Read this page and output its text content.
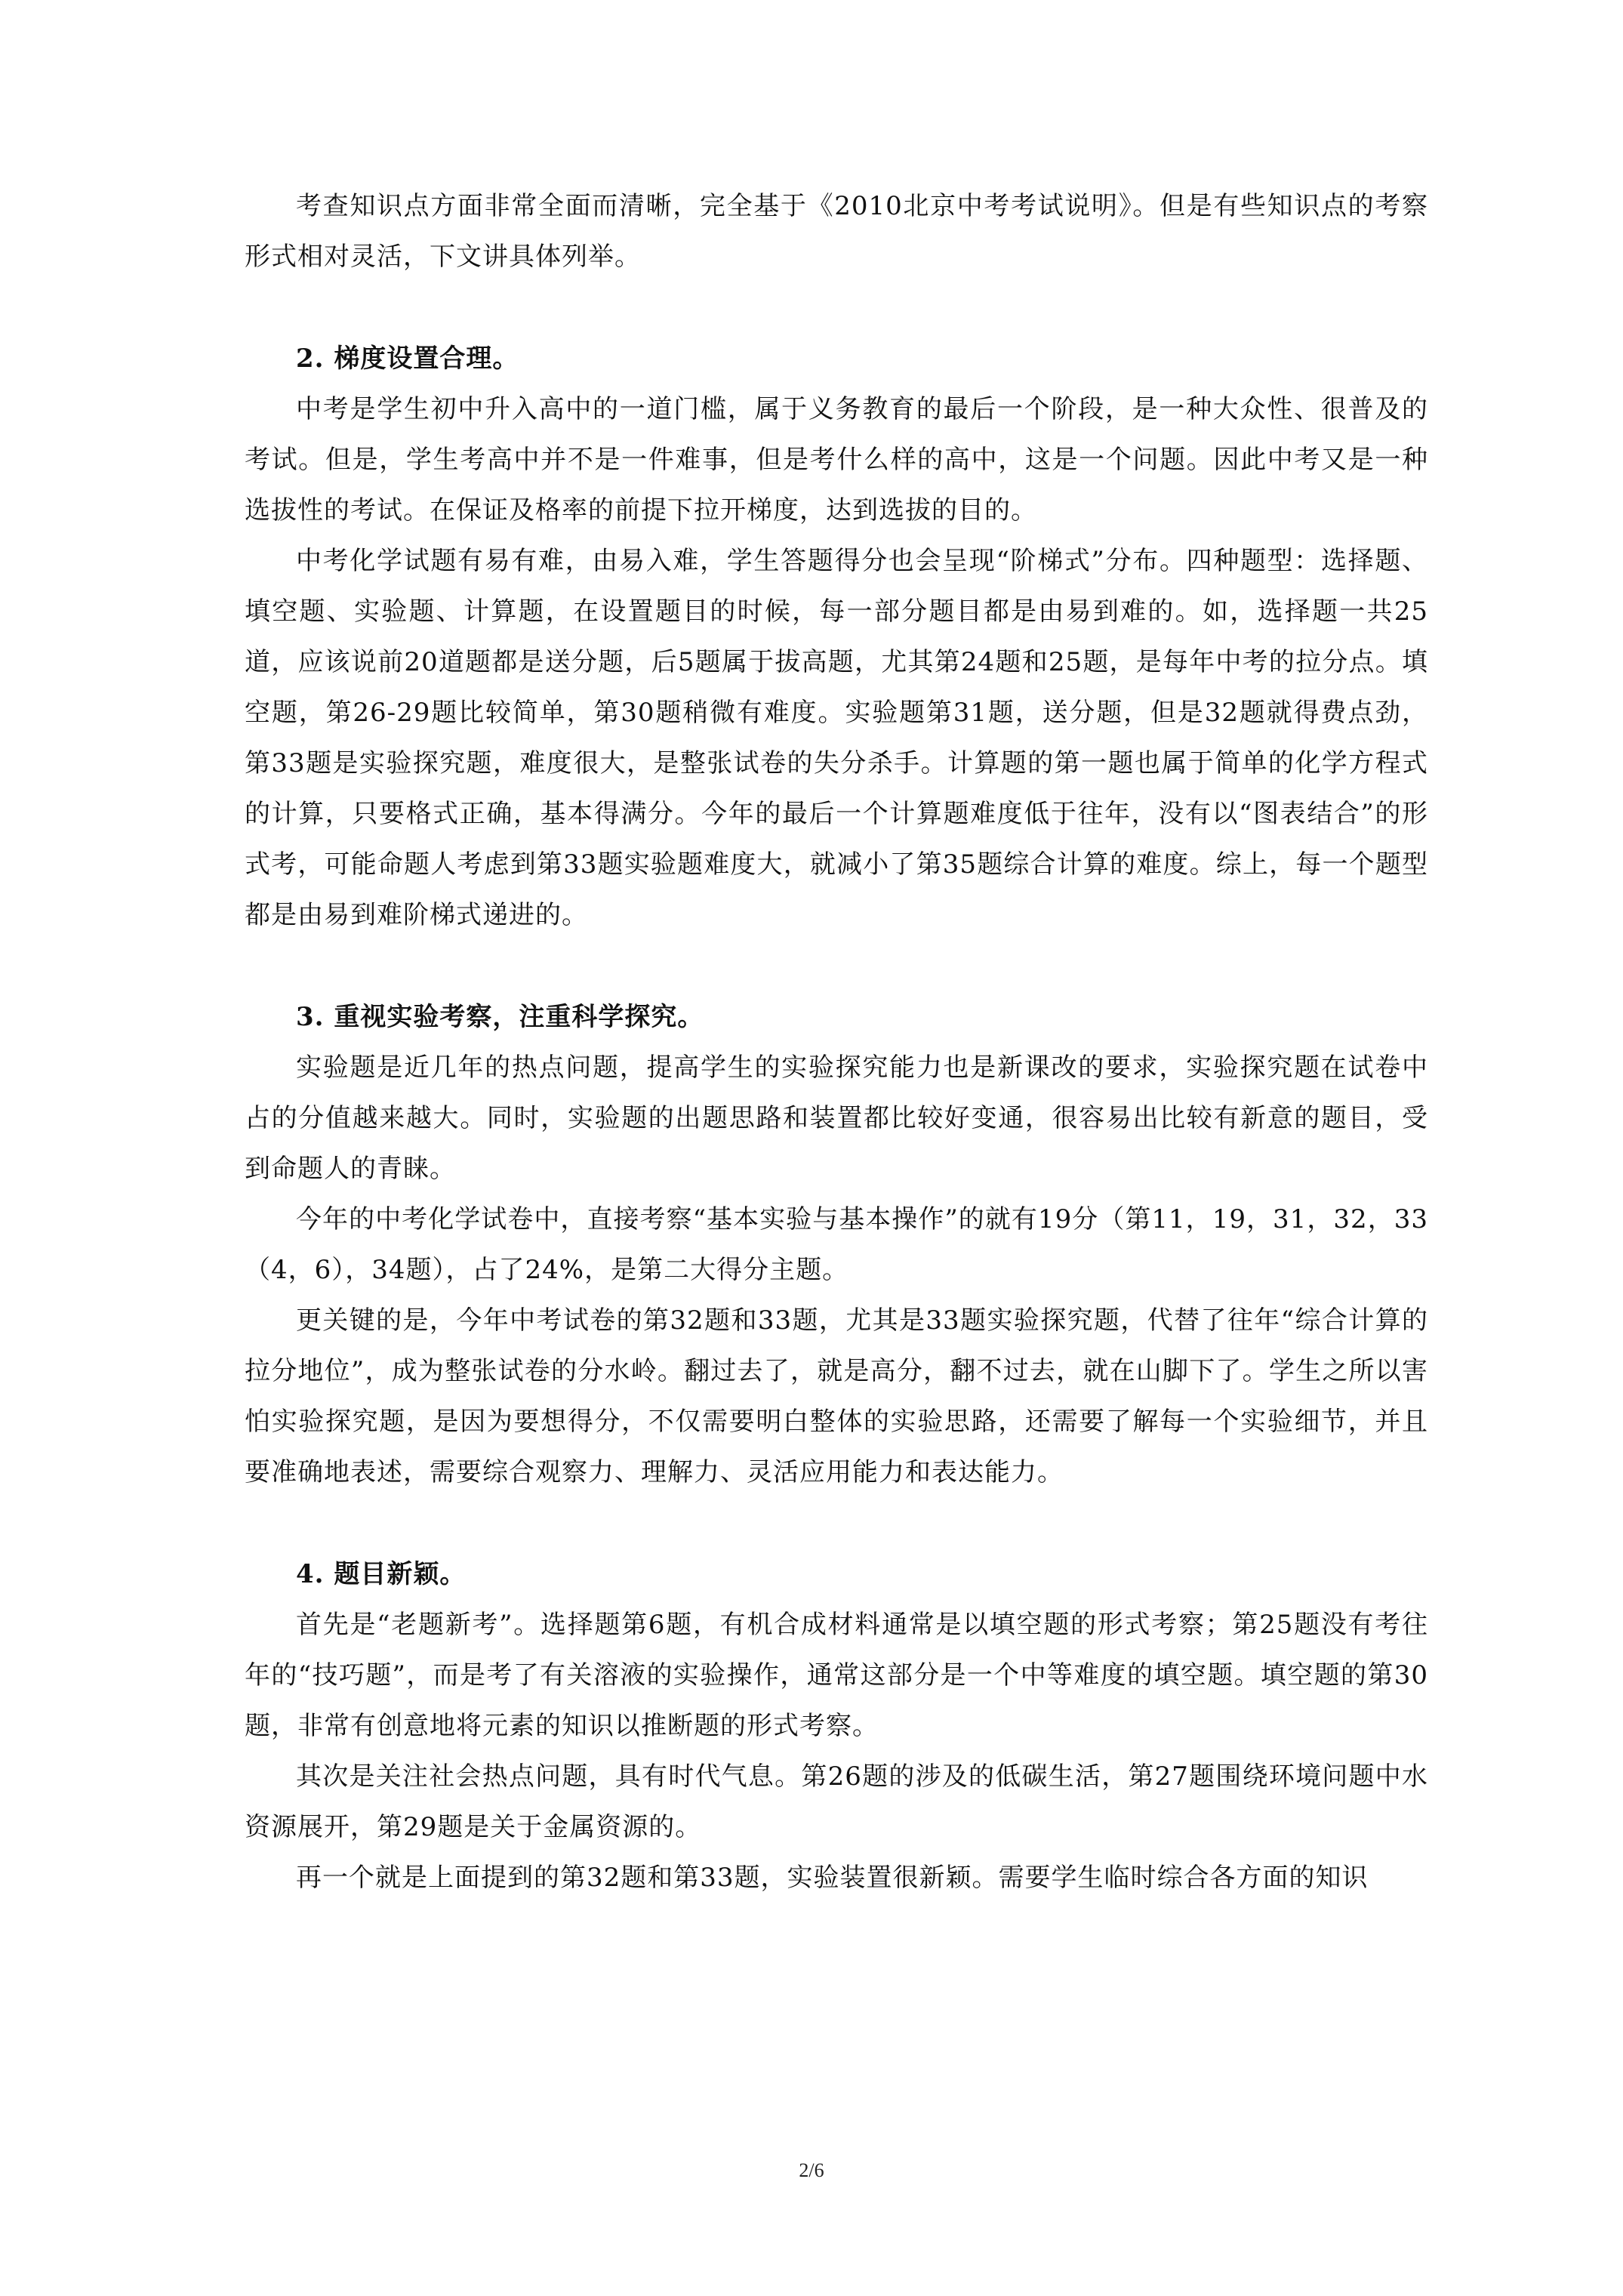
考查知识点方面非常全面而清晰，完全基于《2010北京中考考试说明》。但是有些知识点的考察形式相对灵活，下文讲具体列举。

2. 梯度设置合理。

中考是学生初中升入高中的一道门槛，属于义务教育的最后一个阶段，是一种大众性、很普及的考试。但是，学生考高中并不是一件难事，但是考什么样的高中，这是一个问题。因此中考又是一种选拔性的考试。在保证及格率的前提下拉开梯度，达到选拔的目的。

中考化学试题有易有难，由易入难，学生答题得分也会呈现“阶梯式”分布。四种题型：选择题、填空题、实验题、计算题，在设置题目的时候，每一部分题目都是由易到难的。如，选择题一共25道，应该说前20道题都是送分题，后5题属于拔高题，尤其第24题和25题，是每年中考的拉分点。填空题，第26-29题比较简单，第30题稍微有难度。实验题第31题，送分题，但是32题就得费点劲，第33题是实验探究题，难度很大，是整张试卷的失分杀手。计算题的第一题也属于简单的化学方程式的计算，只要格式正确，基本得满分。今年的最后一个计算题难度低于往年，没有以“图表结合”的形式考，可能命题人考虑到第33题实验题难度大，就减小了第35题综合计算的难度。综上，每一个题型都是由易到难阶梯式递进的。

3. 重视实验考察，注重科学探究。

实验题是近几年的热点问题，提高学生的实验探究能力也是新课改的要求，实验探究题在试卷中占的分值越来越大。同时，实验题的出题思路和装置都比较好变通，很容易出比较有新意的题目，受到命题人的青睐。

今年的中考化学试卷中，直接考察“基本实验与基本操作”的就有19分（第11，19，31，32，33（4，6），34题），占了24%，是第二大得分主题。

更关键的是，今年中考试卷的第32题和33题，尤其是33题实验探究题，代替了往年“综合计算的拉分地位”，成为整张试卷的分水岭。翻过去了，就是高分，翻不过去，就在山脚下了。学生之所以害怕实验探究题，是因为要想得分，不仅需要明白整体的实验思路，还需要了解每一个实验细节，并且要准确地表述，需要综合观察力、理解力、灵活应用能力和表达能力。

4. 题目新颖。

首先是“老题新考”。选择题第6题，有机合成材料通常是以填空题的形式考察；第25题没有考往年的“技巧题”，而是考了有关溶液的实验操作，通常这部分是一个中等难度的填空题。填空题的第30题，非常有创意地将元素的知识以推断题的形式考察。

其次是关注社会热点问题，具有时代气息。第26题的涉及的低碳生活，第27题围绕环境问题中水资源展开，第29题是关于金属资源的。

再一个就是上面提到的第32题和第33题，实验装置很新颖。需要学生临时综合各方面的知识

2/6
